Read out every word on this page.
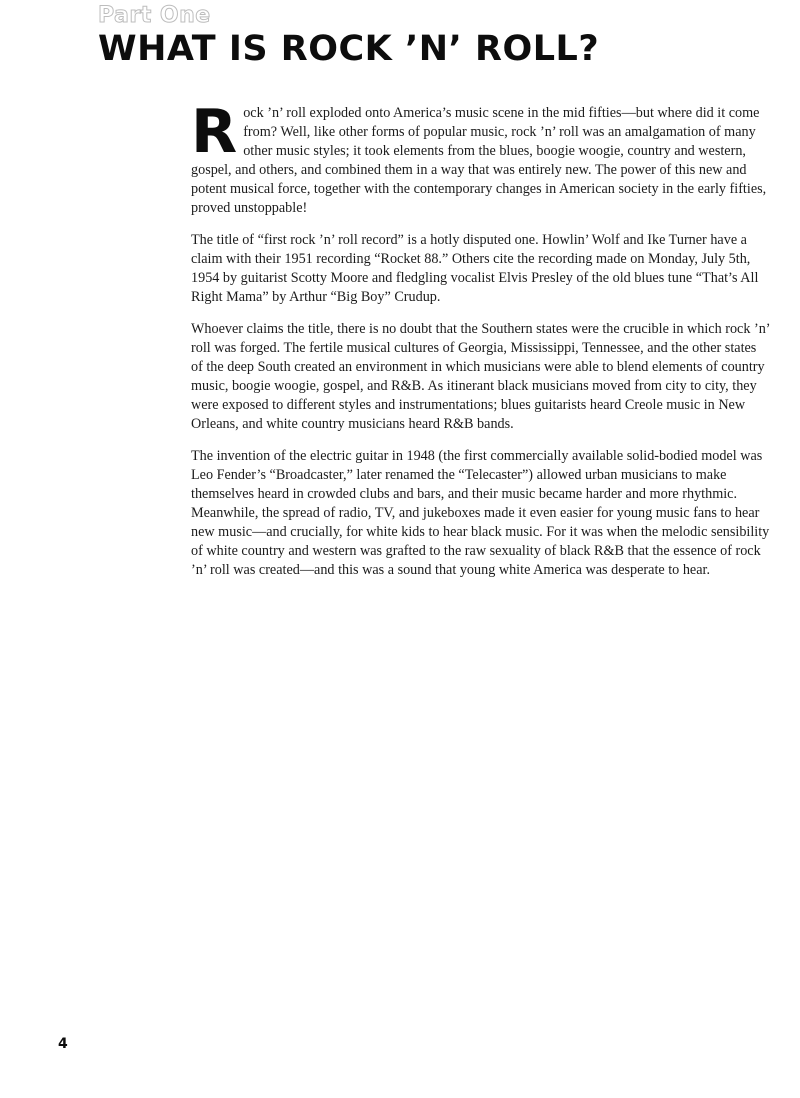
Part One
WHAT IS ROCK ’N’ ROLL?

Rock ’n’ roll exploded onto America’s music scene in the mid fifties—but where did it come from? Well, like other forms of popular music, rock ’n’ roll was an amalgamation of many other music styles; it took elements from the blues, boogie woogie, country and western, gospel, and others, and combined them in a way that was entirely new. The power of this new and potent musical force, together with the contemporary changes in American society in the early fifties, proved unstoppable!

The title of “first rock ’n’ roll record” is a hotly disputed one. Howlin’ Wolf and Ike Turner have a claim with their 1951 recording “Rocket 88.” Others cite the recording made on Monday, July 5th, 1954 by guitarist Scotty Moore and fledgling vocalist Elvis Presley of the old blues tune “That’s All Right Mama” by Arthur “Big Boy” Crudup.

Whoever claims the title, there is no doubt that the Southern states were the crucible in which rock ’n’ roll was forged. The fertile musical cultures of Georgia, Mississippi, Tennessee, and the other states of the deep South created an environment in which musicians were able to blend elements of country music, boogie woogie, gospel, and R&B. As itinerant black musicians moved from city to city, they were exposed to different styles and instrumentations; blues guitarists heard Creole music in New Orleans, and white country musicians heard R&B bands.

The invention of the electric guitar in 1948 (the first commercially available solid-bodied model was Leo Fender’s “Broadcaster,” later renamed the “Telecaster”) allowed urban musicians to make themselves heard in crowded clubs and bars, and their music became harder and more rhythmic. Meanwhile, the spread of radio, TV, and jukeboxes made it even easier for young music fans to hear new music—and crucially, for white kids to hear black music. For it was when the melodic sensibility of white country and western was grafted to the raw sexuality of black R&B that the essence of rock ’n’ roll was created—and this was a sound that young white America was desperate to hear.

4
